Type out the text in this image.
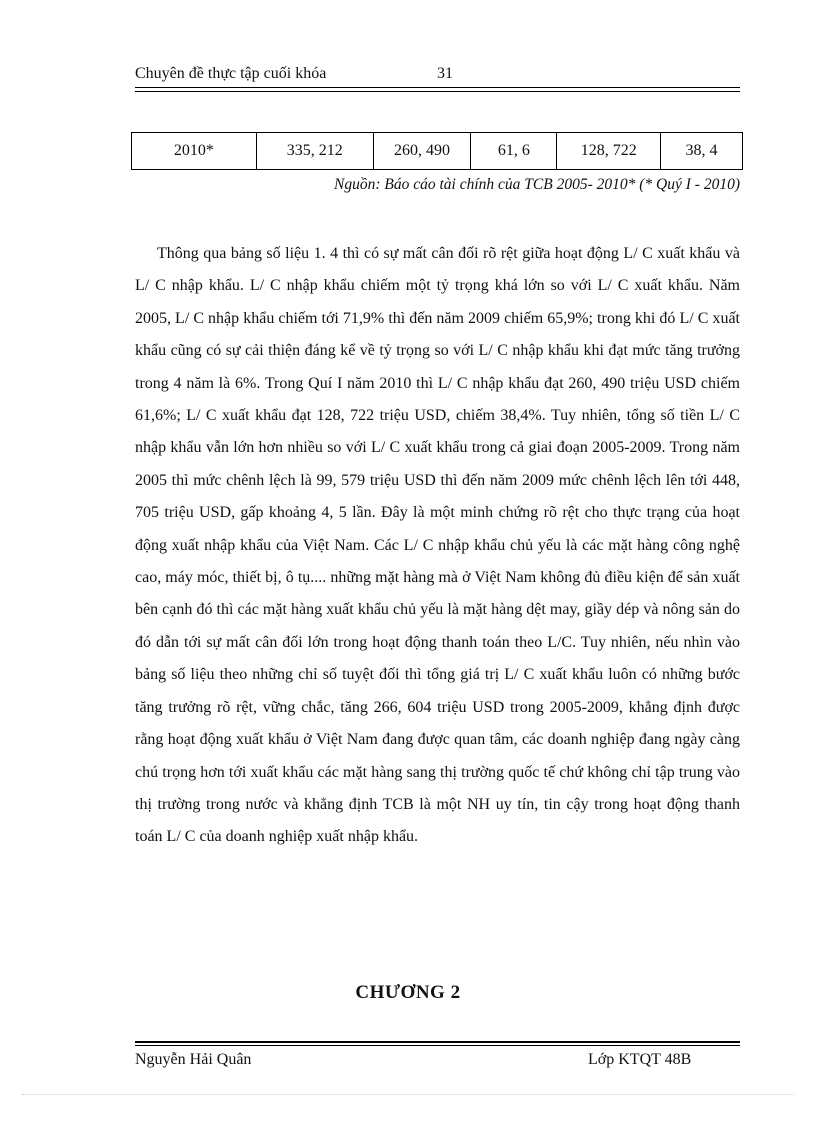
Chuyên đề thực tập cuối khóa	31
2010*	335, 212	260, 490	61, 6	128, 722	38, 4
Nguồn: Báo cáo tài chính của TCB 2005- 2010* (* Quý I - 2010)

Thông qua bảng số liệu 1. 4 thì có sự mất cân đối rõ rệt giữa hoạt động L/ C xuất khẩu và L/ C nhập khẩu. L/ C nhập khẩu chiếm một tỷ trọng khá lớn so với L/ C xuất khẩu. Năm 2005, L/ C nhập khẩu chiếm tới 71,9% thì đến năm 2009 chiếm 65,9%; trong khi đó L/ C xuất khẩu cũng có sự cải thiện đáng kể về tỷ trọng so với L/ C nhập khẩu khi đạt mức tăng trưởng trong 4 năm là 6%. Trong Quí I năm 2010 thì L/ C nhập khẩu đạt 260, 490 triệu USD chiếm 61,6%; L/ C xuất khẩu đạt 128, 722 triệu USD, chiếm 38,4%. Tuy nhiên, tổng số tiền L/ C nhập khẩu vẫn lớn hơn nhiều so với L/ C xuất khẩu trong cả giai đoạn 2005-2009. Trong năm 2005 thì mức chênh lệch là 99, 579 triệu USD thì đến năm 2009 mức chênh lệch lên tới 448, 705 triệu USD, gấp khoảng 4, 5 lần. Đây là một minh chứng rõ rệt cho thực trạng của hoạt động xuất nhập khẩu của Việt Nam. Các L/ C nhập khẩu chủ yếu là các mặt hàng công nghệ cao, máy móc, thiết bị, ô tụ.... những mặt hàng mà ở Việt Nam không đủ điều kiện để sản xuất bên cạnh đó thì các mặt hàng xuất khẩu chủ yếu là mặt hàng dệt may, giầy dép và nông sản do đó dẫn tới sự mất cân đối lớn trong hoạt động thanh toán theo L/C. Tuy nhiên, nếu nhìn vào bảng số liệu theo những chỉ số tuyệt đối thì tổng giá trị L/ C xuất khẩu luôn có những bước tăng trưởng rõ rệt, vững chắc, tăng 266, 604 triệu USD trong 2005-2009, khẳng định được rằng hoạt động xuất khẩu ở Việt Nam đang được quan tâm, các doanh nghiệp đang ngày càng chú trọng hơn tới xuất khẩu các mặt hàng sang thị trường quốc tế chứ không chỉ tập trung vào thị trường trong nước và khẳng định TCB là một NH uy tín, tin cậy trong hoạt động thanh toán L/ C của doanh nghiệp xuất nhập khẩu.

CHƯƠNG 2
Nguyễn Hải Quân	Lớp KTQT 48B
